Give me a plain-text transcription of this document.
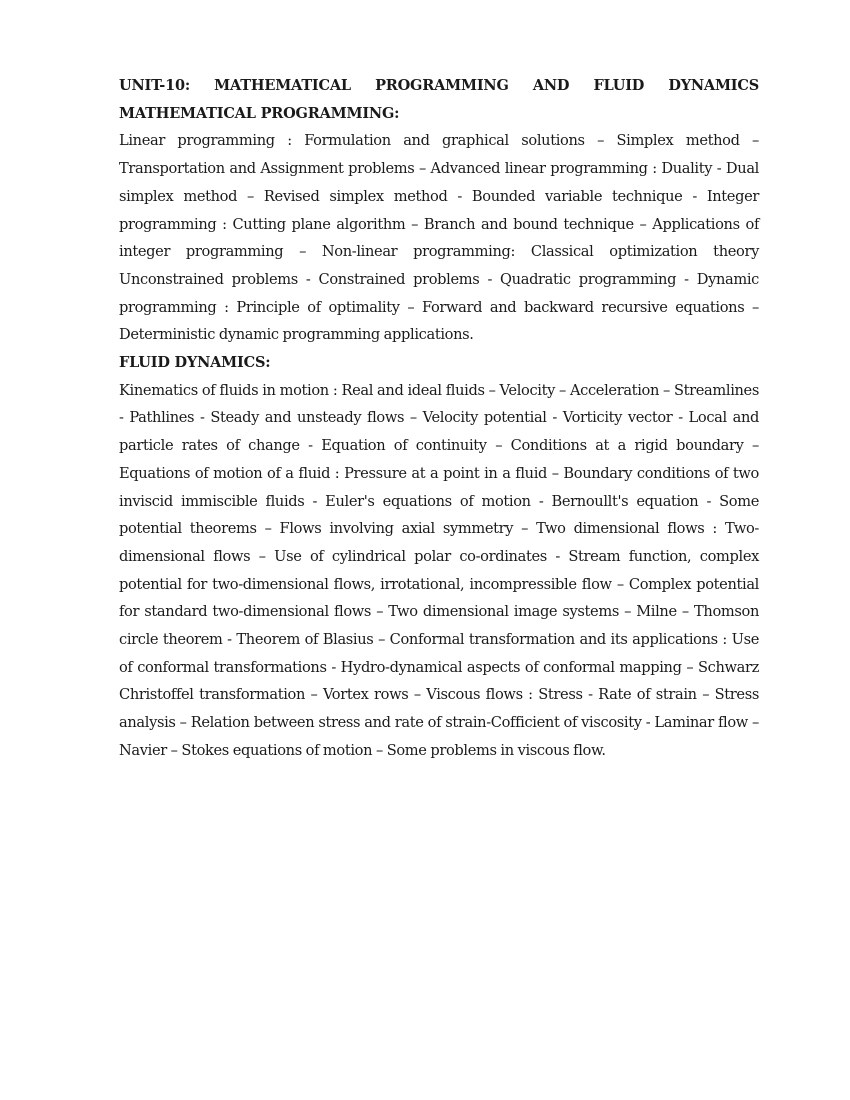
UNIT-10: MATHEMATICAL PROGRAMMING AND FLUID DYNAMICS

MATHEMATICAL PROGRAMMING:

Linear programming : Formulation and graphical solutions – Simplex method – Transportation and Assignment problems – Advanced linear programming : Duality - Dual simplex method – Revised simplex method - Bounded variable technique - Integer programming : Cutting plane algorithm – Branch and bound technique – Applications of integer programming – Non-linear programming: Classical optimization theory Unconstrained problems - Constrained problems - Quadratic programming - Dynamic programming : Principle of optimality – Forward and backward recursive equations – Deterministic dynamic programming applications.

FLUID DYNAMICS:

Kinematics of fluids in motion : Real and ideal fluids – Velocity – Acceleration – Streamlines - Pathlines - Steady and unsteady flows – Velocity potential - Vorticity vector - Local and particle rates of change - Equation of continuity – Conditions at a rigid boundary – Equations of motion of a fluid : Pressure at a point in a fluid – Boundary conditions of two inviscid immiscible fluids - Euler's equations of motion - Bernoullt's equation - Some potential theorems – Flows involving axial symmetry – Two dimensional flows : Two-dimensional flows – Use of cylindrical polar co-ordinates - Stream function, complex potential for two-dimensional flows, irrotational, incompressible flow – Complex potential for standard two-dimensional flows – Two dimensional image systems – Milne – Thomson circle theorem - Theorem of Blasius – Conformal transformation and its applications : Use of conformal transformations - Hydro-dynamical aspects of conformal mapping – Schwarz Christoffel transformation – Vortex rows – Viscous flows : Stress - Rate of strain – Stress analysis – Relation between stress and rate of strain-Cofficient of viscosity - Laminar flow – Navier – Stokes equations of motion – Some problems in viscous flow.
